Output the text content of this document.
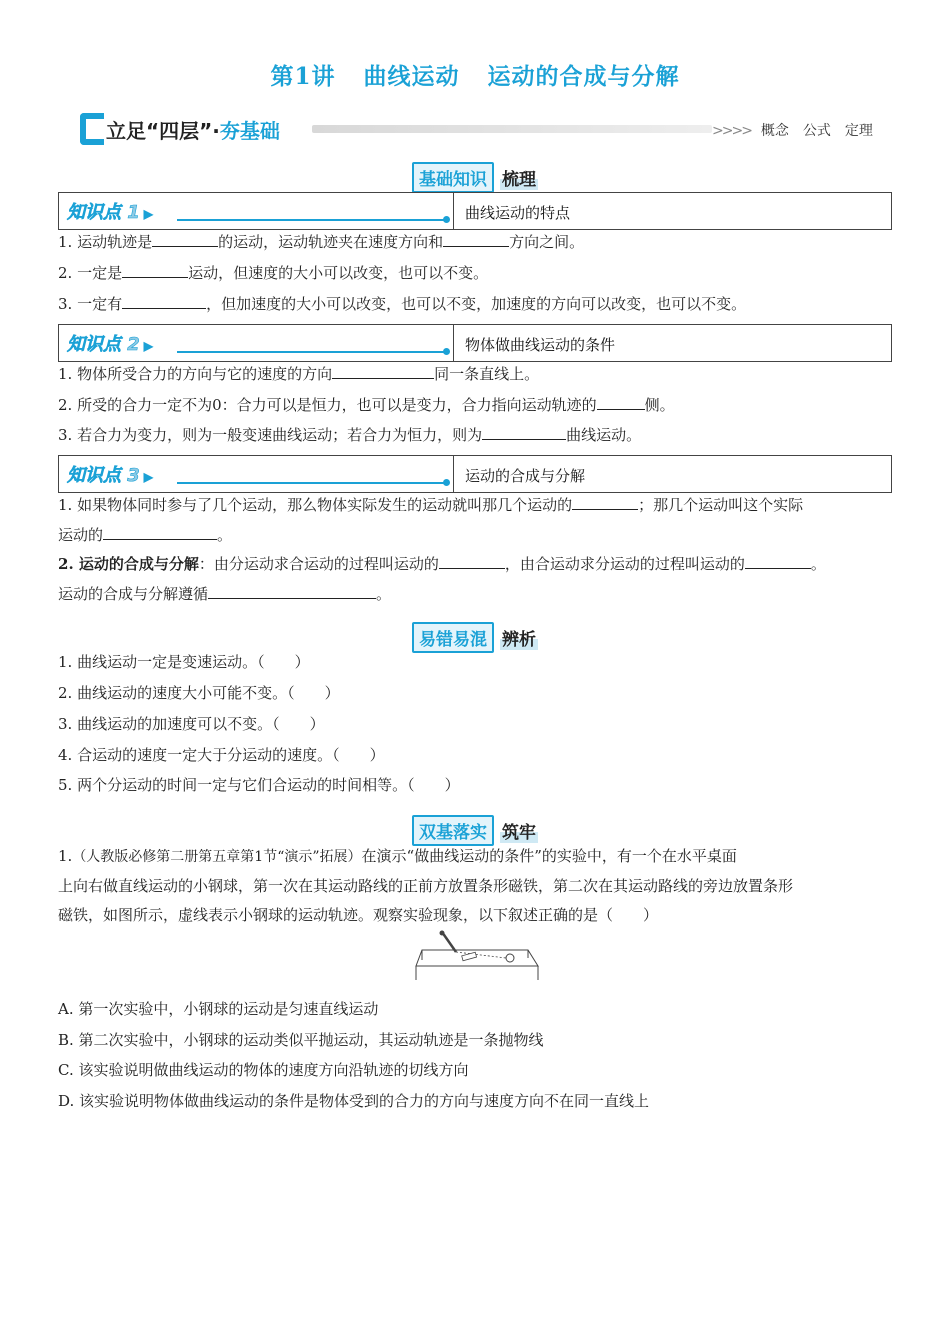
第1讲 曲线运动 运动的合成与分解
立足“四层”·夯基础	>>>> 概念 公式 定理
基础知识 梳理
知识点 1 ▶	曲线运动的特点
1. 运动轨迹是	的运动，运动轨迹夹在速度方向和	方向之间。
2. 一定是	运动，但速度的大小可以改变，也可以不变。
3. 一定有	，但加速度的大小可以改变，也可以不变，加速度的方向可以改变，也可以不变。
知识点 2 ▶	物体做曲线运动的条件
1. 物体所受合力的方向与它的速度的方向	同一条直线上。
2. 所受的合力一定不为0：合力可以是恒力，也可以是变力，合力指向运动轨迹的	侧。
3. 若合力为变力，则为一般变速曲线运动；若合力为恒力，则为	曲线运动。
知识点 3 ▶	运动的合成与分解
1. 如果物体同时参与了几个运动，那么物体实际发生的运动就叫那几个运动的	；那几个运动叫这个实际
运动的	。
2. 运动的合成与分解：由分运动求合运动的过程叫运动的	，由合运动求分运动的过程叫运动的	。
运动的合成与分解遵循	。
易错易混 辨析
1. 曲线运动一定是变速运动。（　　）
2. 曲线运动的速度大小可能不变。（　　）
3. 曲线运动的加速度可以不变。（　　）
4. 合运动的速度一定大于分运动的速度。（　　）
5. 两个分运动的时间一定与它们合运动的时间相等。（　　）
双基落实 筑牢
1.（人教版必修第二册第五章第1节“演示”拓展）在演示“做曲线运动的条件”的实验中，有一个在水平桌面
上向右做直线运动的小钢球，第一次在其运动路线的正前方放置条形磁铁，第二次在其运动路线的旁边放置条形
磁铁，如图所示，虚线表示小钢球的运动轨迹。观察实验现象，以下叙述正确的是（　　）
A. 第一次实验中，小钢球的运动是匀速直线运动
B. 第二次实验中，小钢球的运动类似平抛运动，其运动轨迹是一条抛物线
C. 该实验说明做曲线运动的物体的速度方向沿轨迹的切线方向
D. 该实验说明物体做曲线运动的条件是物体受到的合力的方向与速度方向不在同一直线上
